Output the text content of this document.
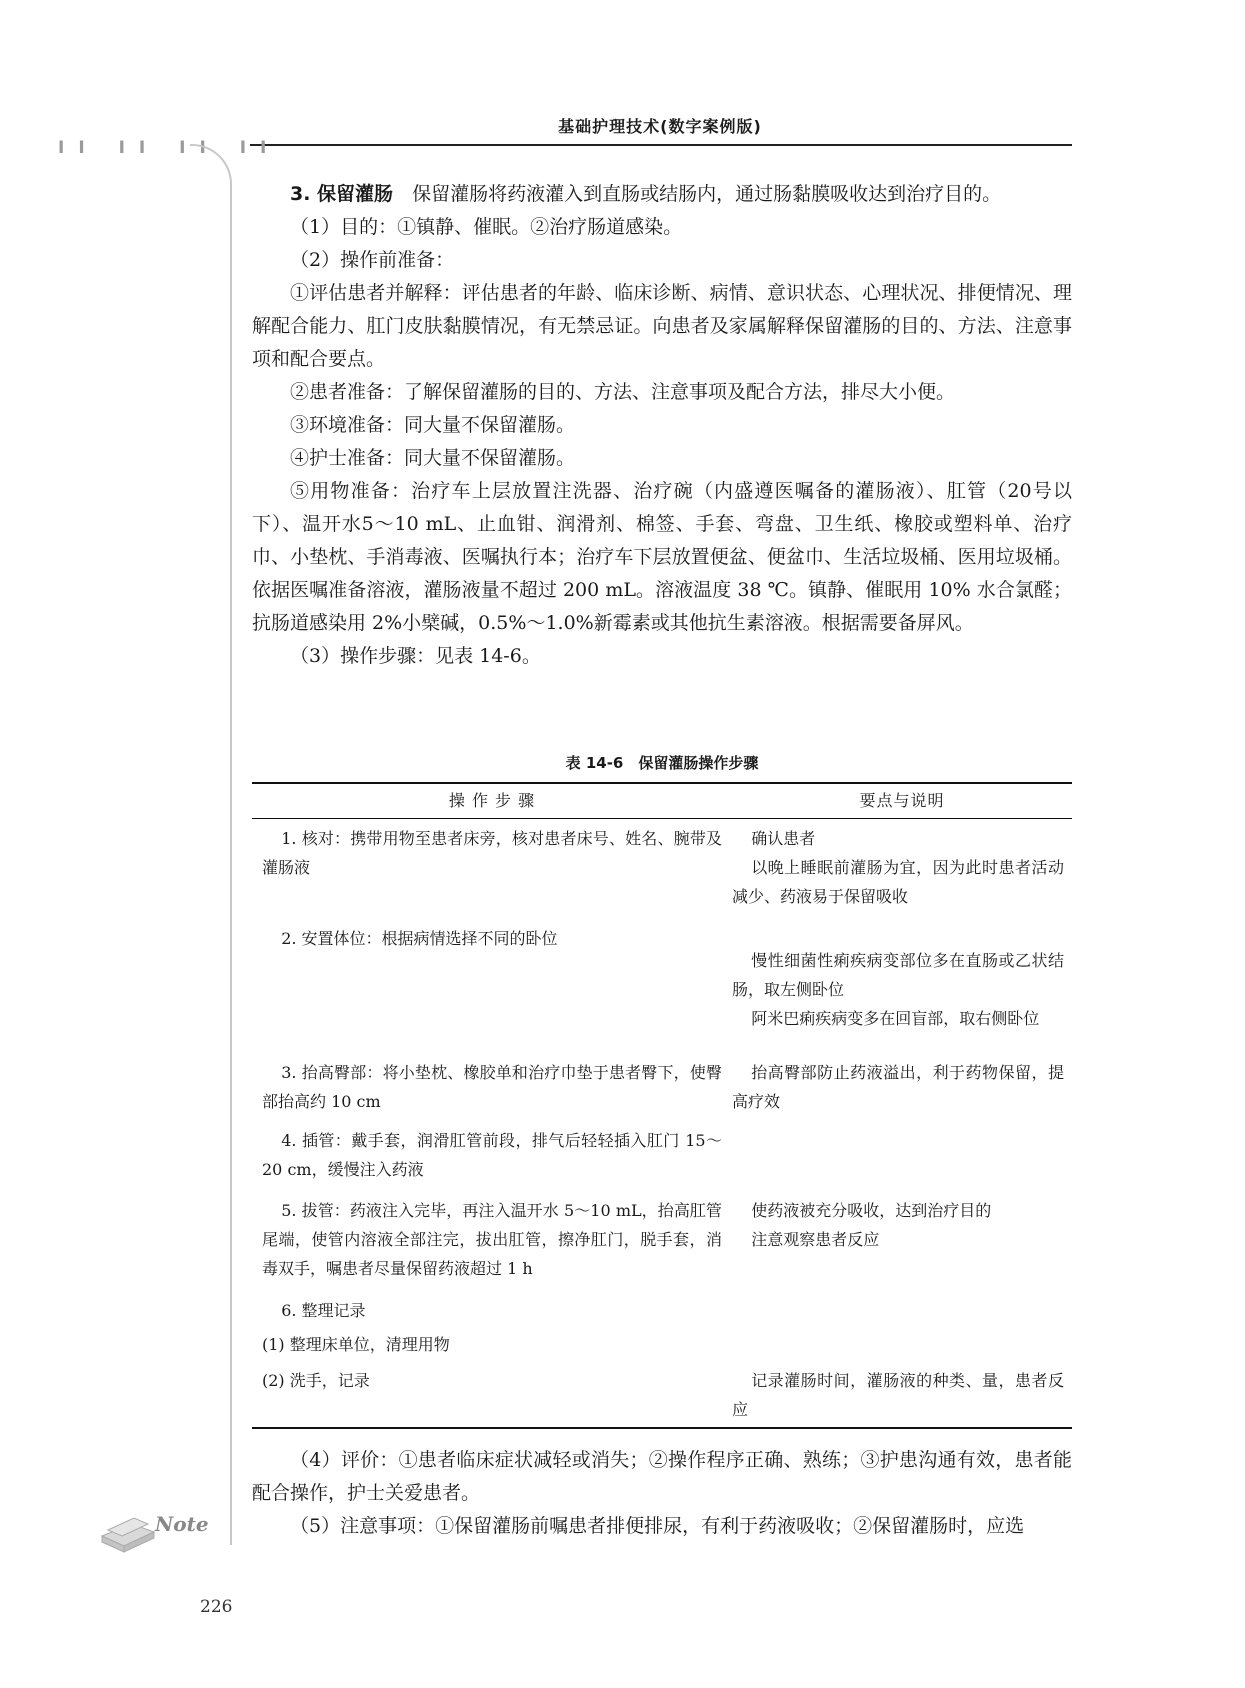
基础护理技术(数字案例版)
II II II II
Note

3. 保留灌肠　保留灌肠将药液灌入到直肠或结肠内，通过肠黏膜吸收达到治疗目的。

（1）目的：①镇静、催眠。②治疗肠道感染。

（2）操作前准备：

①评估患者并解释：评估患者的年龄、临床诊断、病情、意识状态、心理状况、排便情况、理解配合能力、肛门皮肤黏膜情况，有无禁忌证。向患者及家属解释保留灌肠的目的、方法、注意事项和配合要点。

②患者准备：了解保留灌肠的目的、方法、注意事项及配合方法，排尽大小便。

③环境准备：同大量不保留灌肠。

④护士准备：同大量不保留灌肠。

⑤用物准备：治疗车上层放置注洗器、治疗碗（内盛遵医嘱备的灌肠液）、肛管（20号以下）、温开水5～10 mL、止血钳、润滑剂、棉签、手套、弯盘、卫生纸、橡胶或塑料单、治疗巾、小垫枕、手消毒液、医嘱执行本；治疗车下层放置便盆、便盆巾、生活垃圾桶、医用垃圾桶。依据医嘱准备溶液，灌肠液量不超过 200 mL。溶液温度 38 ℃。镇静、催眠用 10% 水合氯醛；抗肠道感染用 2%小檗碱，0.5%～1.0%新霉素或其他抗生素溶液。根据需要备屏风。

（3）操作步骤：见表 14-6。

表 14-6　保留灌肠操作步骤
操 作 步 骤	要点与说明

1. 核对：携带用物至患者床旁，核对患者床号、姓名、腕带及灌肠液

确认患者

以晚上睡眠前灌肠为宜，因为此时患者活动减少、药液易于保留吸收

2. 安置体位：根据病情选择不同的卧位

慢性细菌性痢疾病变部位多在直肠或乙状结肠，取左侧卧位

阿米巴痢疾病变多在回盲部，取右侧卧位

3. 抬高臀部：将小垫枕、橡胶单和治疗巾垫于患者臀下，使臀部抬高约 10 cm

抬高臀部防止药液溢出，利于药物保留，提高疗效

4. 插管：戴手套，润滑肛管前段，排气后轻轻插入肛门 15～20 cm，缓慢注入药液

5. 拔管：药液注入完毕，再注入温开水 5～10 mL，抬高肛管尾端，使管内溶液全部注完，拔出肛管，擦净肛门，脱手套，消毒双手，嘱患者尽量保留药液超过 1 h

使药液被充分吸收，达到治疗目的

注意观察患者反应

6. 整理记录

(1) 整理床单位，清理用物

(2) 洗手，记录	记录灌肠时间，灌肠液的种类、量，患者反应

（4）评价：①患者临床症状减轻或消失；②操作程序正确、熟练；③护患沟通有效，患者能配合操作，护士关爱患者。

（5）注意事项：①保留灌肠前嘱患者排便排尿，有利于药液吸收；②保留灌肠时，应选

226
